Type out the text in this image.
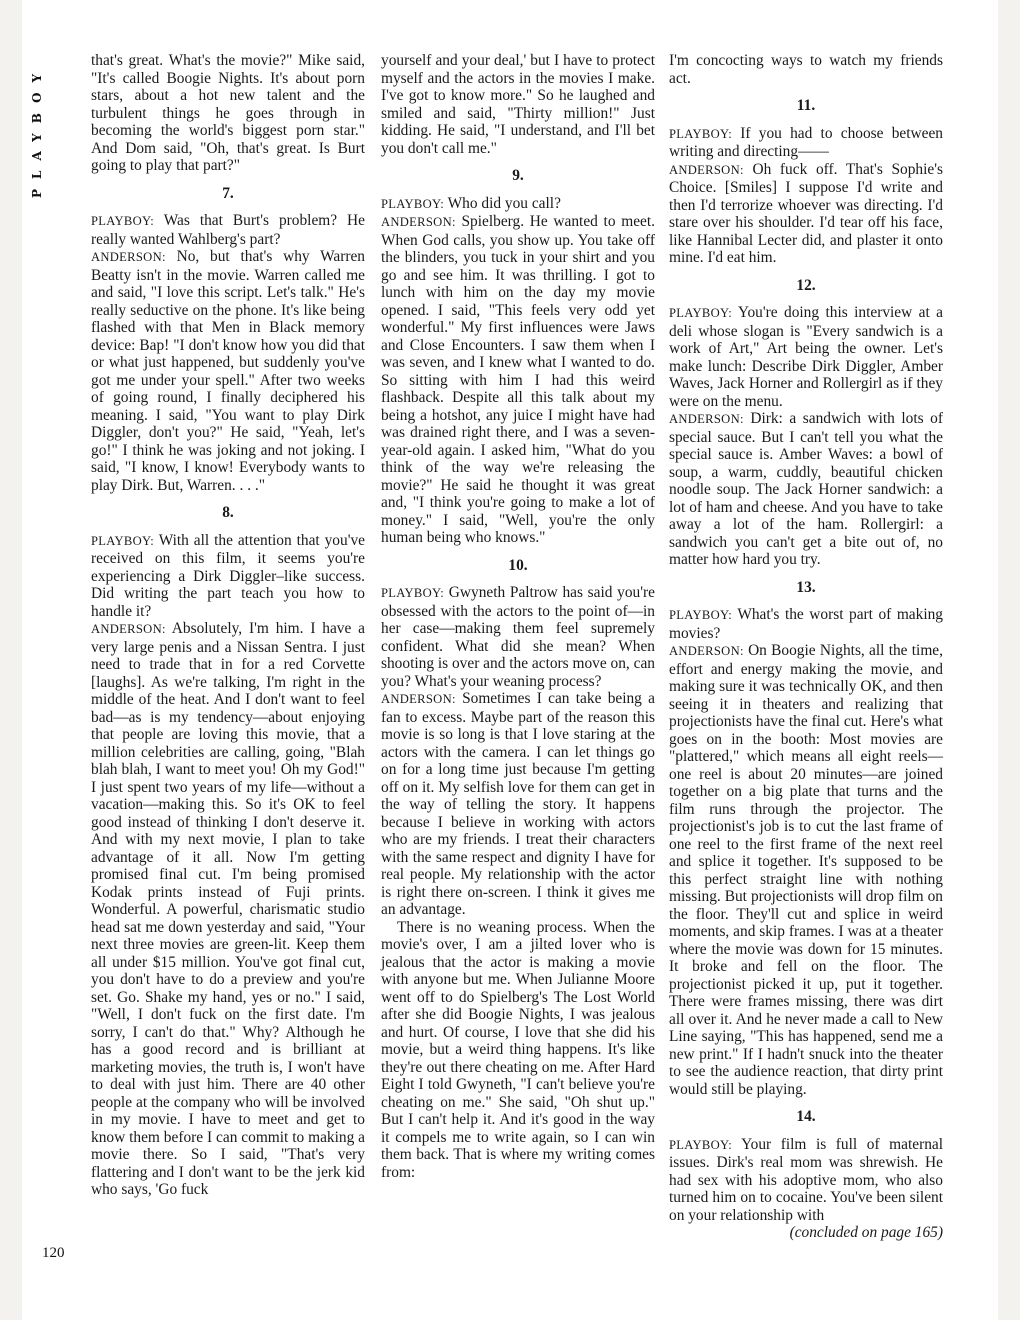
PLAYBOY
120

that's great. What's the movie?" Mike said, "It's called Boogie Nights. It's about porn stars, about a hot new talent and the turbulent things he goes through in becoming the world's biggest porn star." And Dom said, "Oh, that's great. Is Burt going to play that part?"

7.

PLAYBOY: Was that Burt's problem? He really wanted Wahlberg's part?

ANDERSON: No, but that's why Warren Beatty isn't in the movie. Warren called me and said, "I love this script. Let's talk." He's really seductive on the phone. It's like being flashed with that Men in Black memory device: Bap! "I don't know how you did that or what just happened, but suddenly you've got me under your spell." After two weeks of going round, I finally deciphered his meaning. I said, "You want to play Dirk Diggler, don't you?" He said, "Yeah, let's go!" I think he was joking and not joking. I said, "I know, I know! Everybody wants to play Dirk. But, Warren. . . ."

8.

PLAYBOY: With all the attention that you've received on this film, it seems you're experiencing a Dirk Diggler–like success. Did writing the part teach you how to handle it?

ANDERSON: Absolutely, I'm him. I have a very large penis and a Nissan Sentra. I just need to trade that in for a red Corvette [laughs]. As we're talking, I'm right in the middle of the heat. And I don't want to feel bad—as is my tendency—about enjoying that people are loving this movie, that a million celebrities are calling, going, "Blah blah blah, I want to meet you! Oh my God!" I just spent two years of my life—without a vacation—making this. So it's OK to feel good instead of thinking I don't deserve it. And with my next movie, I plan to take advantage of it all. Now I'm getting promised final cut. I'm being promised Kodak prints instead of Fuji prints. Wonderful. A powerful, charismatic studio head sat me down yesterday and said, "Your next three movies are green-lit. Keep them all under $15 million. You've got final cut, you don't have to do a preview and you're set. Go. Shake my hand, yes or no." I said, "Well, I don't fuck on the first date. I'm sorry, I can't do that." Why? Although he has a good record and is brilliant at marketing movies, the truth is, I won't have to deal with just him. There are 40 other people at the company who will be involved in my movie. I have to meet and get to know them before I can commit to making a movie there. So I said, "That's very flattering and I don't want to be the jerk kid who says, 'Go fuck

yourself and your deal,' but I have to protect myself and the actors in the movies I make. I've got to know more." So he laughed and smiled and said, "Thirty million!" Just kidding. He said, "I understand, and I'll bet you don't call me."

9.

PLAYBOY: Who did you call?

ANDERSON: Spielberg. He wanted to meet. When God calls, you show up. You take off the blinders, you tuck in your shirt and you go and see him. It was thrilling. I got to lunch with him on the day my movie opened. I said, "This feels very odd yet wonderful." My first influences were Jaws and Close Encounters. I saw them when I was seven, and I knew what I wanted to do. So sitting with him I had this weird flashback. Despite all this talk about my being a hotshot, any juice I might have had was drained right there, and I was a seven-year-old again. I asked him, "What do you think of the way we're releasing the movie?" He said he thought it was great and, "I think you're going to make a lot of money." I said, "Well, you're the only human being who knows."

10.

PLAYBOY: Gwyneth Paltrow has said you're obsessed with the actors to the point of—in her case—making them feel supremely confident. What did she mean? When shooting is over and the actors move on, can you? What's your weaning process?

ANDERSON: Sometimes I can take being a fan to excess. Maybe part of the reason this movie is so long is that I love staring at the actors with the camera. I can let things go on for a long time just because I'm getting off on it. My selfish love for them can get in the way of telling the story. It happens because I believe in working with actors who are my friends. I treat their characters with the same respect and dignity I have for real people. My relationship with the actor is right there on-screen. I think it gives me an advantage.

There is no weaning process. When the movie's over, I am a jilted lover who is jealous that the actor is making a movie with anyone but me. When Julianne Moore went off to do Spielberg's The Lost World after she did Boogie Nights, I was jealous and hurt. Of course, I love that she did his movie, but a weird thing happens. It's like they're out there cheating on me. After Hard Eight I told Gwyneth, "I can't believe you're cheating on me." She said, "Oh shut up." But I can't help it. And it's good in the way it compels me to write again, so I can win them back. That is where my writing comes from:

I'm concocting ways to watch my friends act.

11.

PLAYBOY: If you had to choose between writing and directing——

ANDERSON: Oh fuck off. That's Sophie's Choice. [Smiles] I suppose I'd write and then I'd terrorize whoever was directing. I'd stare over his shoulder. I'd tear off his face, like Hannibal Lecter did, and plaster it onto mine. I'd eat him.

12.

PLAYBOY: You're doing this interview at a deli whose slogan is "Every sandwich is a work of Art," Art being the owner. Let's make lunch: Describe Dirk Diggler, Amber Waves, Jack Horner and Rollergirl as if they were on the menu.

ANDERSON: Dirk: a sandwich with lots of special sauce. But I can't tell you what the special sauce is. Amber Waves: a bowl of soup, a warm, cuddly, beautiful chicken noodle soup. The Jack Horner sandwich: a lot of ham and cheese. And you have to take away a lot of the ham. Rollergirl: a sandwich you can't get a bite out of, no matter how hard you try.

13.

PLAYBOY: What's the worst part of making movies?

ANDERSON: On Boogie Nights, all the time, effort and energy making the movie, and making sure it was technically OK, and then seeing it in theaters and realizing that projectionists have the final cut. Here's what goes on in the booth: Most movies are "plattered," which means all eight reels—one reel is about 20 minutes—are joined together on a big plate that turns and the film runs through the projector. The projectionist's job is to cut the last frame of one reel to the first frame of the next reel and splice it together. It's supposed to be this perfect straight line with nothing missing. But projectionists will drop film on the floor. They'll cut and splice in weird moments, and skip frames. I was at a theater where the movie was down for 15 minutes. It broke and fell on the floor. The projectionist picked it up, put it together. There were frames missing, there was dirt all over it. And he never made a call to New Line saying, "This has happened, send me a new print." If I hadn't snuck into the theater to see the audience reaction, that dirty print would still be playing.

14.

PLAYBOY: Your film is full of maternal issues. Dirk's real mom was shrewish. He had sex with his adoptive mom, who also turned him on to cocaine. You've been silent on your relationship with

(concluded on page 165)
